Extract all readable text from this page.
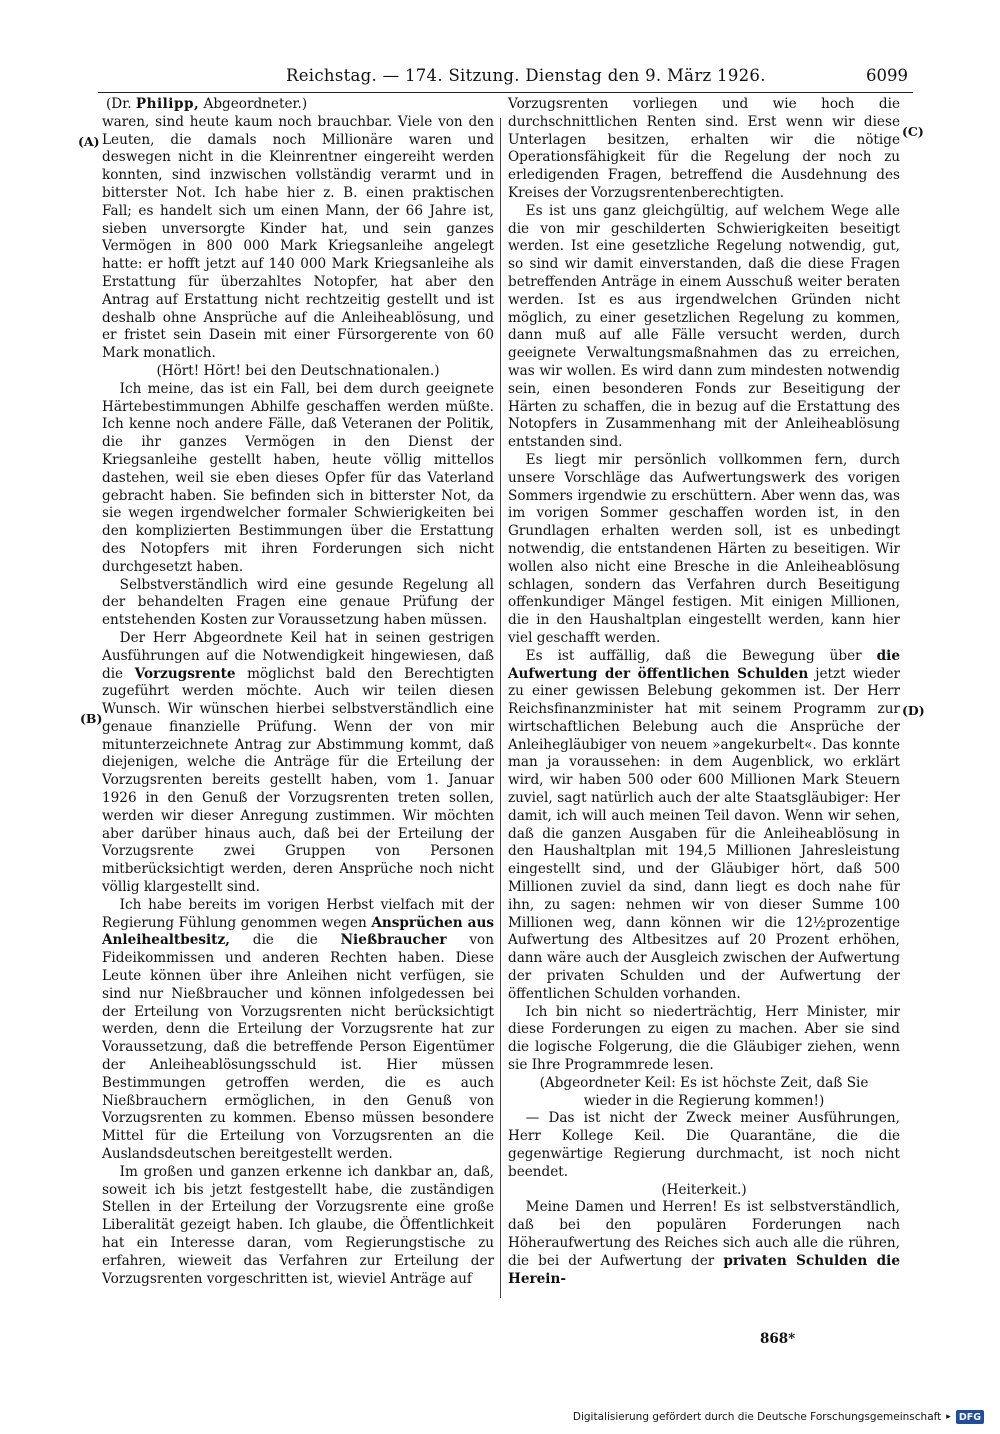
Reichstag. — 174. Sitzung. Dienstag den 9. März 1926.	6099
(A)
(B)
(C)
(D)

(Dr. Philipp, Abgeordneter.)

waren, sind heute kaum noch brauchbar. Viele von den Leuten, die damals noch Millionäre waren und deswegen nicht in die Kleinrentner eingereiht werden konnten, sind inzwischen vollständig verarmt und in bitterster Not. Ich habe hier z. B. einen praktischen Fall; es handelt sich um einen Mann, der 66 Jahre ist, sieben unversorgte Kinder hat, und sein ganzes Vermögen in 800 000 Mark Kriegsanleihe angelegt hatte: er hofft jetzt auf 140 000 Mark Kriegsanleihe als Erstattung für überzahltes Notopfer, hat aber den Antrag auf Erstattung nicht rechtzeitig gestellt und ist deshalb ohne Ansprüche auf die Anleiheablösung, und er fristet sein Dasein mit einer Fürsorgerente von 60 Mark monatlich.

(Hört! Hört! bei den Deutschnationalen.)

Ich meine, das ist ein Fall, bei dem durch geeignete Härtebestimmungen Abhilfe geschaffen werden müßte. Ich kenne noch andere Fälle, daß Veteranen der Politik, die ihr ganzes Vermögen in den Dienst der Kriegsanleihe gestellt haben, heute völlig mittellos dastehen, weil sie eben dieses Opfer für das Vaterland gebracht haben. Sie befinden sich in bitterster Not, da sie wegen irgendwelcher formaler Schwierigkeiten bei den komplizierten Bestimmungen über die Erstattung des Notopfers mit ihren Forderungen sich nicht durchgesetzt haben.

Selbstverständlich wird eine gesunde Regelung all der behandelten Fragen eine genaue Prüfung der entstehenden Kosten zur Voraussetzung haben müssen.

Der Herr Abgeordnete Keil hat in seinen gestrigen Ausführungen auf die Notwendigkeit hingewiesen, daß die Vorzugsrente möglichst bald den Berechtigten zugeführt werden möchte. Auch wir teilen diesen Wunsch. Wir wünschen hierbei selbstverständlich eine genaue finanzielle Prüfung. Wenn der von mir mitunterzeichnete Antrag zur Abstimmung kommt, daß diejenigen, welche die Anträge für die Erteilung der Vorzugsrenten bereits gestellt haben, vom 1. Januar 1926 in den Genuß der Vorzugsrenten treten sollen, werden wir dieser Anregung zustimmen. Wir möchten aber darüber hinaus auch, daß bei der Erteilung der Vorzugsrente zwei Gruppen von Personen mitberücksichtigt werden, deren Ansprüche noch nicht völlig klargestellt sind.

Ich habe bereits im vorigen Herbst vielfach mit der Regierung Fühlung genommen wegen Ansprüchen aus Anleihealtbesitz, die die Nießbraucher von Fideikommissen und anderen Rechten haben. Diese Leute können über ihre Anleihen nicht verfügen, sie sind nur Nießbraucher und können infolgedessen bei der Erteilung von Vorzugsrenten nicht berücksichtigt werden, denn die Erteilung der Vorzugsrente hat zur Voraussetzung, daß die betreffende Person Eigentümer der Anleiheablösungsschuld ist. Hier müssen Bestimmungen getroffen werden, die es auch Nießbrauchern ermöglichen, in den Genuß von Vorzugsrenten zu kommen. Ebenso müssen besondere Mittel für die Erteilung von Vorzugsrenten an die Auslandsdeutschen bereitgestellt werden.

Im großen und ganzen erkenne ich dankbar an, daß, soweit ich bis jetzt festgestellt habe, die zuständigen Stellen in der Erteilung der Vorzugsrente eine große Liberalität gezeigt haben. Ich glaube, die Öffentlichkeit hat ein Interesse daran, vom Regierungstische zu erfahren, wieweit das Verfahren zur Erteilung der Vorzugsrenten vorgeschritten ist, wieviel Anträge auf

Vorzugsrenten vorliegen und wie hoch die durchschnittlichen Renten sind. Erst wenn wir diese Unterlagen besitzen, erhalten wir die nötige Operationsfähigkeit für die Regelung der noch zu erledigenden Fragen, betreffend die Ausdehnung des Kreises der Vorzugsrentenberechtigten.

Es ist uns ganz gleichgültig, auf welchem Wege alle die von mir geschilderten Schwierigkeiten beseitigt werden. Ist eine gesetzliche Regelung notwendig, gut, so sind wir damit einverstanden, daß die diese Fragen betreffenden Anträge in einem Ausschuß weiter beraten werden. Ist es aus irgendwelchen Gründen nicht möglich, zu einer gesetzlichen Regelung zu kommen, dann muß auf alle Fälle versucht werden, durch geeignete Verwaltungsmaßnahmen das zu erreichen, was wir wollen. Es wird dann zum mindesten notwendig sein, einen besonderen Fonds zur Beseitigung der Härten zu schaffen, die in bezug auf die Erstattung des Notopfers in Zusammenhang mit der Anleiheablösung entstanden sind.

Es liegt mir persönlich vollkommen fern, durch unsere Vorschläge das Aufwertungswerk des vorigen Sommers irgendwie zu erschüttern. Aber wenn das, was im vorigen Sommer geschaffen worden ist, in den Grundlagen erhalten werden soll, ist es unbedingt notwendig, die entstandenen Härten zu beseitigen. Wir wollen also nicht eine Bresche in die Anleiheablösung schlagen, sondern das Verfahren durch Beseitigung offenkundiger Mängel festigen. Mit einigen Millionen, die in den Haushaltplan eingestellt werden, kann hier viel geschafft werden.

Es ist auffällig, daß die Bewegung über die Aufwertung der öffentlichen Schulden jetzt wieder zu einer gewissen Belebung gekommen ist. Der Herr Reichsfinanzminister hat mit seinem Programm zur wirtschaftlichen Belebung auch die Ansprüche der Anleihegläubiger von neuem »angekurbelt«. Das konnte man ja voraussehen: in dem Augenblick, wo erklärt wird, wir haben 500 oder 600 Millionen Mark Steuern zuviel, sagt natürlich auch der alte Staatsgläubiger: Her damit, ich will auch meinen Teil davon. Wenn wir sehen, daß die ganzen Ausgaben für die Anleiheablösung in den Haushaltplan mit 194,5 Millionen Jahresleistung eingestellt sind, und der Gläubiger hört, daß 500 Millionen zuviel da sind, dann liegt es doch nahe für ihn, zu sagen: nehmen wir von dieser Summe 100 Millionen weg, dann können wir die 12½prozentige Aufwertung des Altbesitzes auf 20 Prozent erhöhen, dann wäre auch der Ausgleich zwischen der Aufwertung der privaten Schulden und der Aufwertung der öffentlichen Schulden vorhanden.

Ich bin nicht so niederträchtig, Herr Minister, mir diese Forderungen zu eigen zu machen. Aber sie sind die logische Folgerung, die die Gläubiger ziehen, wenn sie Ihre Programmrede lesen.

(Abgeordneter Keil: Es ist höchste Zeit, daß Sie wieder in die Regierung kommen!)

— Das ist nicht der Zweck meiner Ausführungen, Herr Kollege Keil. Die Quarantäne, die die gegenwärtige Regierung durchmacht, ist noch nicht beendet.

(Heiterkeit.)

Meine Damen und Herren! Es ist selbstverständlich, daß bei den populären Forderungen nach Höheraufwertung des Reiches sich auch alle die rühren, die bei der Aufwertung der privaten Schulden die Herein-

868*
Digitalisierung gefördert durch die Deutsche Forschungsgemeinschaft ▸ DFG
